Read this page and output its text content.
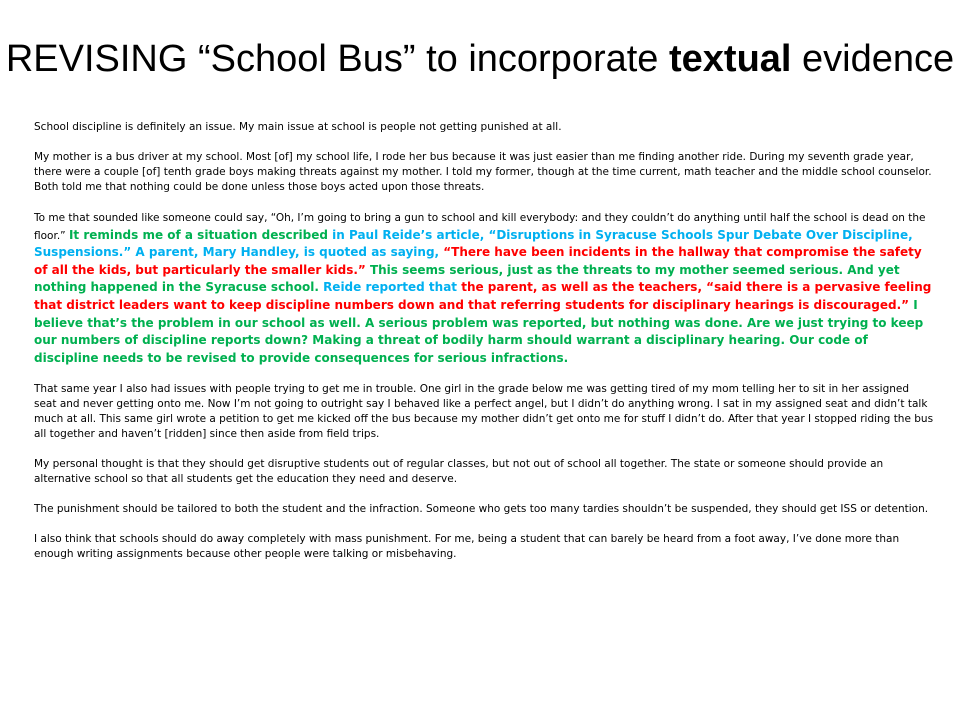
REVISING “School Bus” to incorporate textual evidence

School discipline is definitely an issue. My main issue at school is people not getting punished at all.

My mother is a bus driver at my school. Most [of] my school life, I rode her bus because it was just easier than me finding another ride. During my seventh grade year, there were a couple [of] tenth grade boys making threats against my mother. I told my former, though at the time current, math teacher and the middle school counselor. Both told me that nothing could be done unless those boys acted upon those threats.

To me that sounded like someone could say, “Oh, I’m going to bring a gun to school and kill everybody: and they couldn’t do anything until half the school is dead on the floor.” It reminds me of a situation described in Paul Reide’s article, “Disruptions in Syracuse Schools Spur Debate Over Discipline, Suspensions.” A parent, Mary Handley, is quoted as saying, “There have been incidents in the hallway that compromise the safety of all the kids, but particularly the smaller kids.” This seems serious, just as the threats to my mother seemed serious. And yet nothing happened in the Syracuse school. Reide reported that the parent, as well as the teachers, “said there is a pervasive feeling that district leaders want to keep discipline numbers down and that referring students for disciplinary hearings is discouraged.” I believe that’s the problem in our school as well. A serious problem was reported, but nothing was done. Are we just trying to keep our numbers of discipline reports down? Making a threat of bodily harm should warrant a disciplinary hearing. Our code of discipline needs to be revised to provide consequences for serious infractions.

That same year I also had issues with people trying to get me in trouble. One girl in the grade below me was getting tired of my mom telling her to sit in her assigned seat and never getting onto me. Now I’m not going to outright say I behaved like a perfect angel, but I didn’t do anything wrong. I sat in my assigned seat and didn’t talk much at all. This same girl wrote a petition to get me kicked off the bus because my mother didn’t get onto me for stuff I didn’t do. After that year I stopped riding the bus all together and haven’t [ridden] since then aside from field trips.

My personal thought is that they should get disruptive students out of regular classes, but not out of school all together. The state or someone should provide an alternative school so that all students get the education they need and deserve.

The punishment should be tailored to both the student and the infraction. Someone who gets too many tardies shouldn’t be suspended, they should get ISS or detention.

I also think that schools should do away completely with mass punishment. For me, being a student that can barely be heard from a foot away, I’ve done more than enough writing assignments because other people were talking or misbehaving.
